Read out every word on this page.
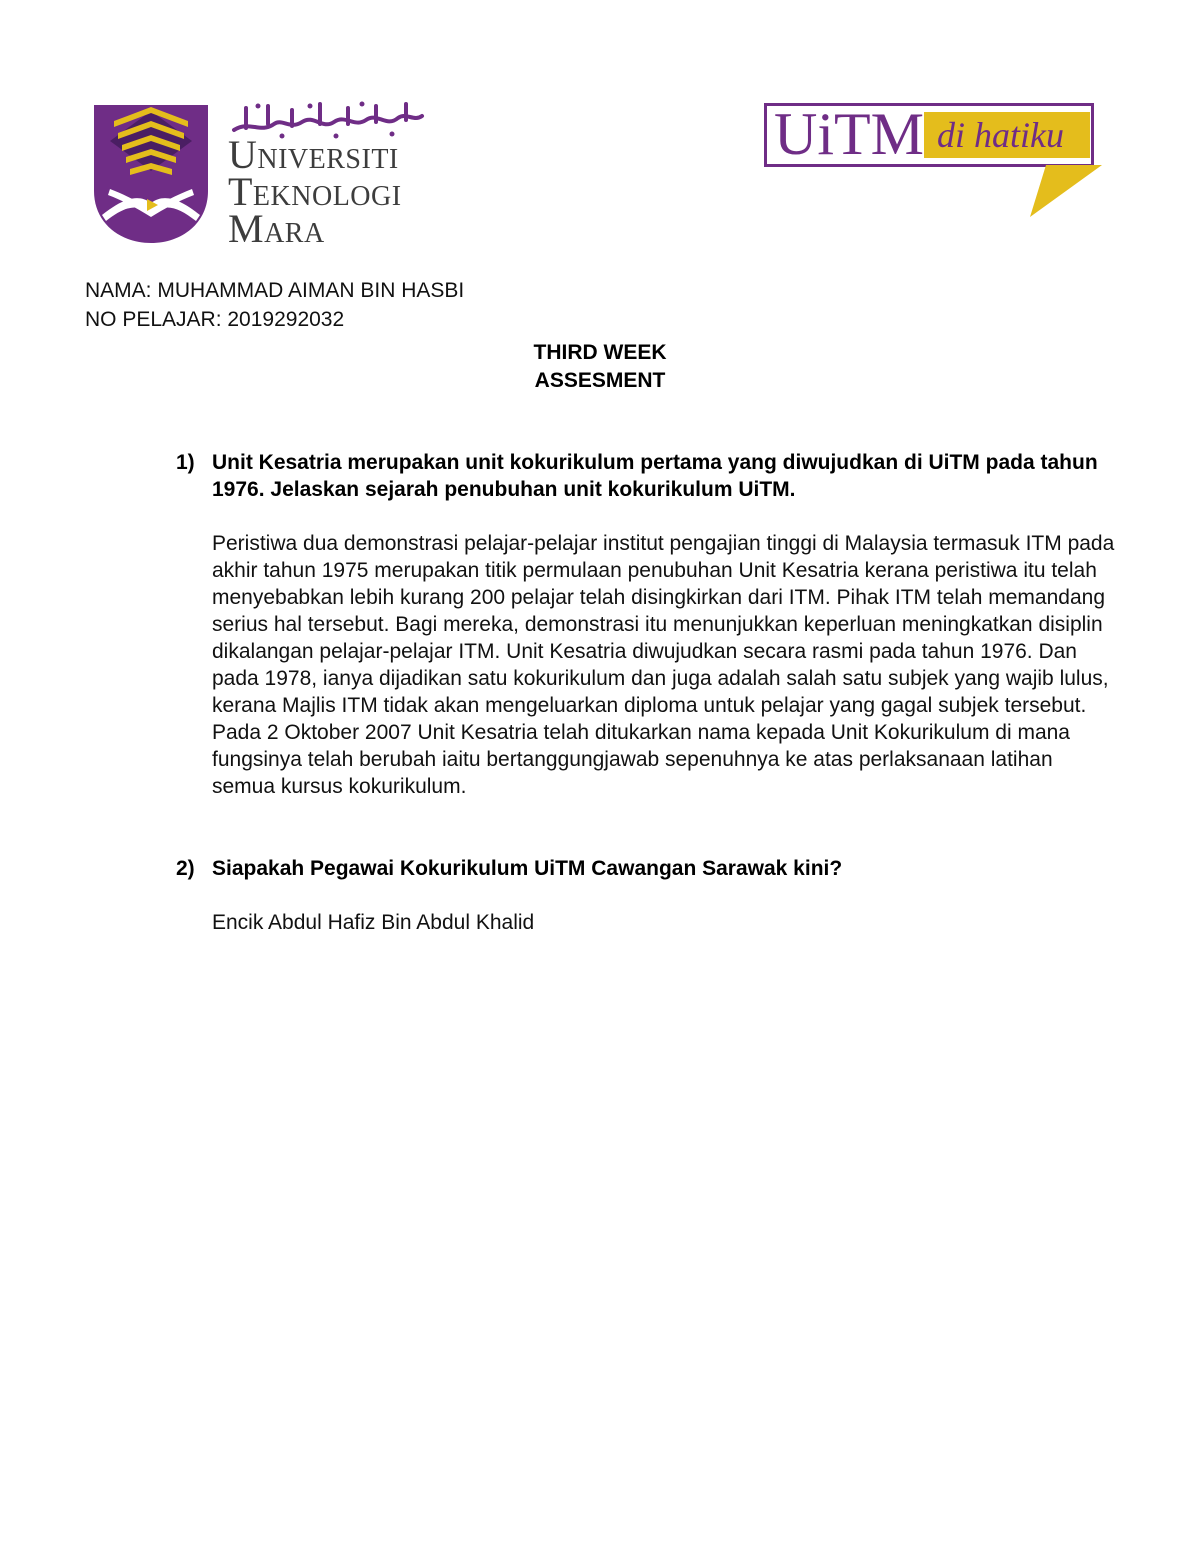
Universiti
Teknologi
Mara
UiTM di hatiku
NAMA: MUHAMMAD AIMAN BIN HASBI
NO PELAJAR: 2019292032
THIRD WEEK
ASSESMENT
1) Unit Kesatria merupakan unit kokurikulum pertama yang diwujudkan di UiTM pada tahun 1976. Jelaskan sejarah penubuhan unit kokurikulum UiTM.
Peristiwa dua demonstrasi pelajar-pelajar institut pengajian tinggi di Malaysia termasuk ITM pada akhir tahun 1975 merupakan titik permulaan penubuhan Unit Kesatria kerana peristiwa itu telah menyebabkan lebih kurang 200 pelajar telah disingkirkan dari ITM. Pihak ITM telah memandang serius hal tersebut. Bagi mereka, demonstrasi itu menunjukkan keperluan meningkatkan disiplin dikalangan pelajar-pelajar ITM. Unit Kesatria diwujudkan secara rasmi pada tahun 1976. Dan pada 1978, ianya dijadikan satu kokurikulum dan juga adalah salah satu subjek yang wajib lulus, kerana Majlis ITM tidak akan mengeluarkan diploma untuk pelajar yang gagal subjek tersebut. Pada 2 Oktober 2007 Unit Kesatria telah ditukarkan nama kepada Unit Kokurikulum di mana fungsinya telah berubah iaitu bertanggungjawab sepenuhnya ke atas perlaksanaan latihan semua kursus kokurikulum.
2) Siapakah Pegawai Kokurikulum UiTM Cawangan Sarawak kini?
Encik Abdul Hafiz Bin Abdul Khalid
